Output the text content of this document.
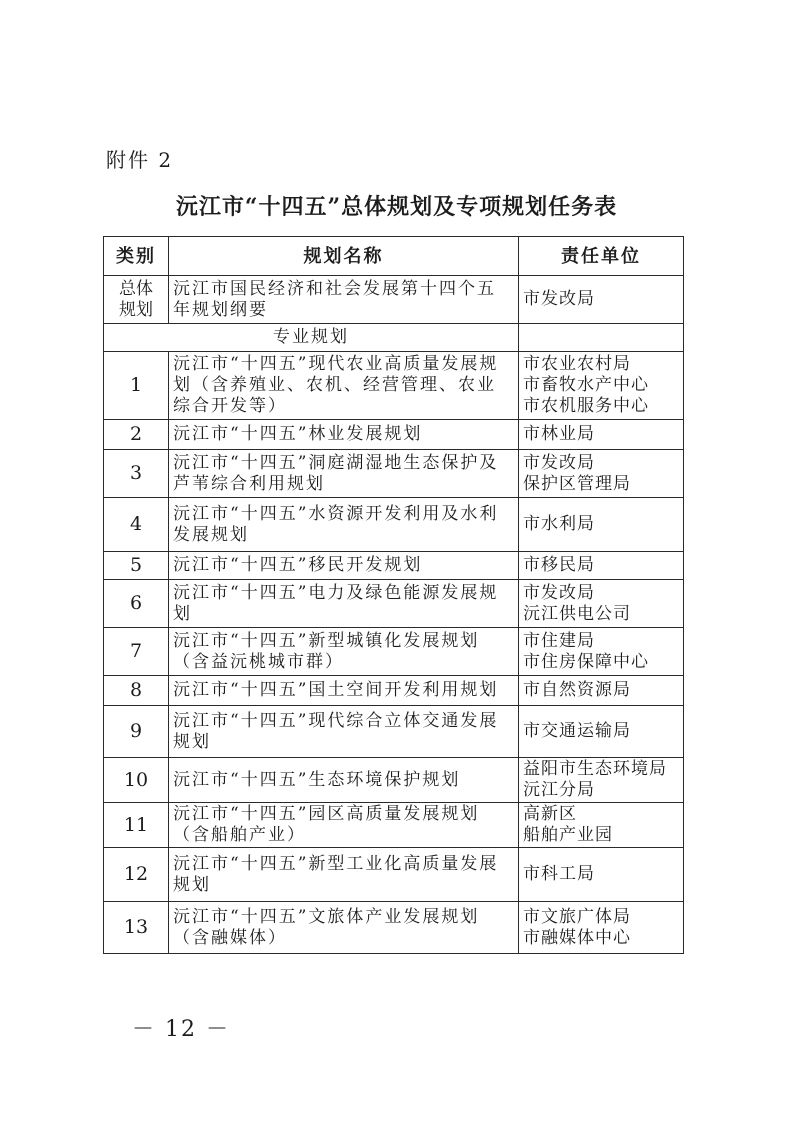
附件 2
沅江市“十四五”总体规划及专项规划任务表
类别	规划名称	责任单位
总体
规划	沅江市国民经济和社会发展第十四个五年规划纲要	市发改局
专业规划		
1	沅江市“十四五”现代农业高质量发展规划（含养殖业、农机、经营管理、农业综合开发等）	市农业农村局
市畜牧水产中心
市农机服务中心
2	沅江市“十四五”林业发展规划	市林业局
3	沅江市“十四五”洞庭湖湿地生态保护及芦苇综合利用规划	市发改局
保护区管理局
4	沅江市“十四五”水资源开发利用及水利发展规划	市水利局
5	沅江市“十四五”移民开发规划	市移民局
6	沅江市“十四五”电力及绿色能源发展规划	市发改局
沅江供电公司
7	沅江市“十四五”新型城镇化发展规划（含益沅桃城市群）	市住建局
市住房保障中心
8	沅江市“十四五”国土空间开发利用规划	市自然资源局
9	沅江市“十四五”现代综合立体交通发展规划	市交通运输局
10	沅江市“十四五”生态环境保护规划	益阳市生态环境局
沅江分局
11	沅江市“十四五”园区高质量发展规划（含船舶产业）	高新区
船舶产业园
12	沅江市“十四五”新型工业化高质量发展规划	市科工局
13	沅江市“十四五”文旅体产业发展规划（含融媒体）	市文旅广体局
市融媒体中心
－ 12 －
